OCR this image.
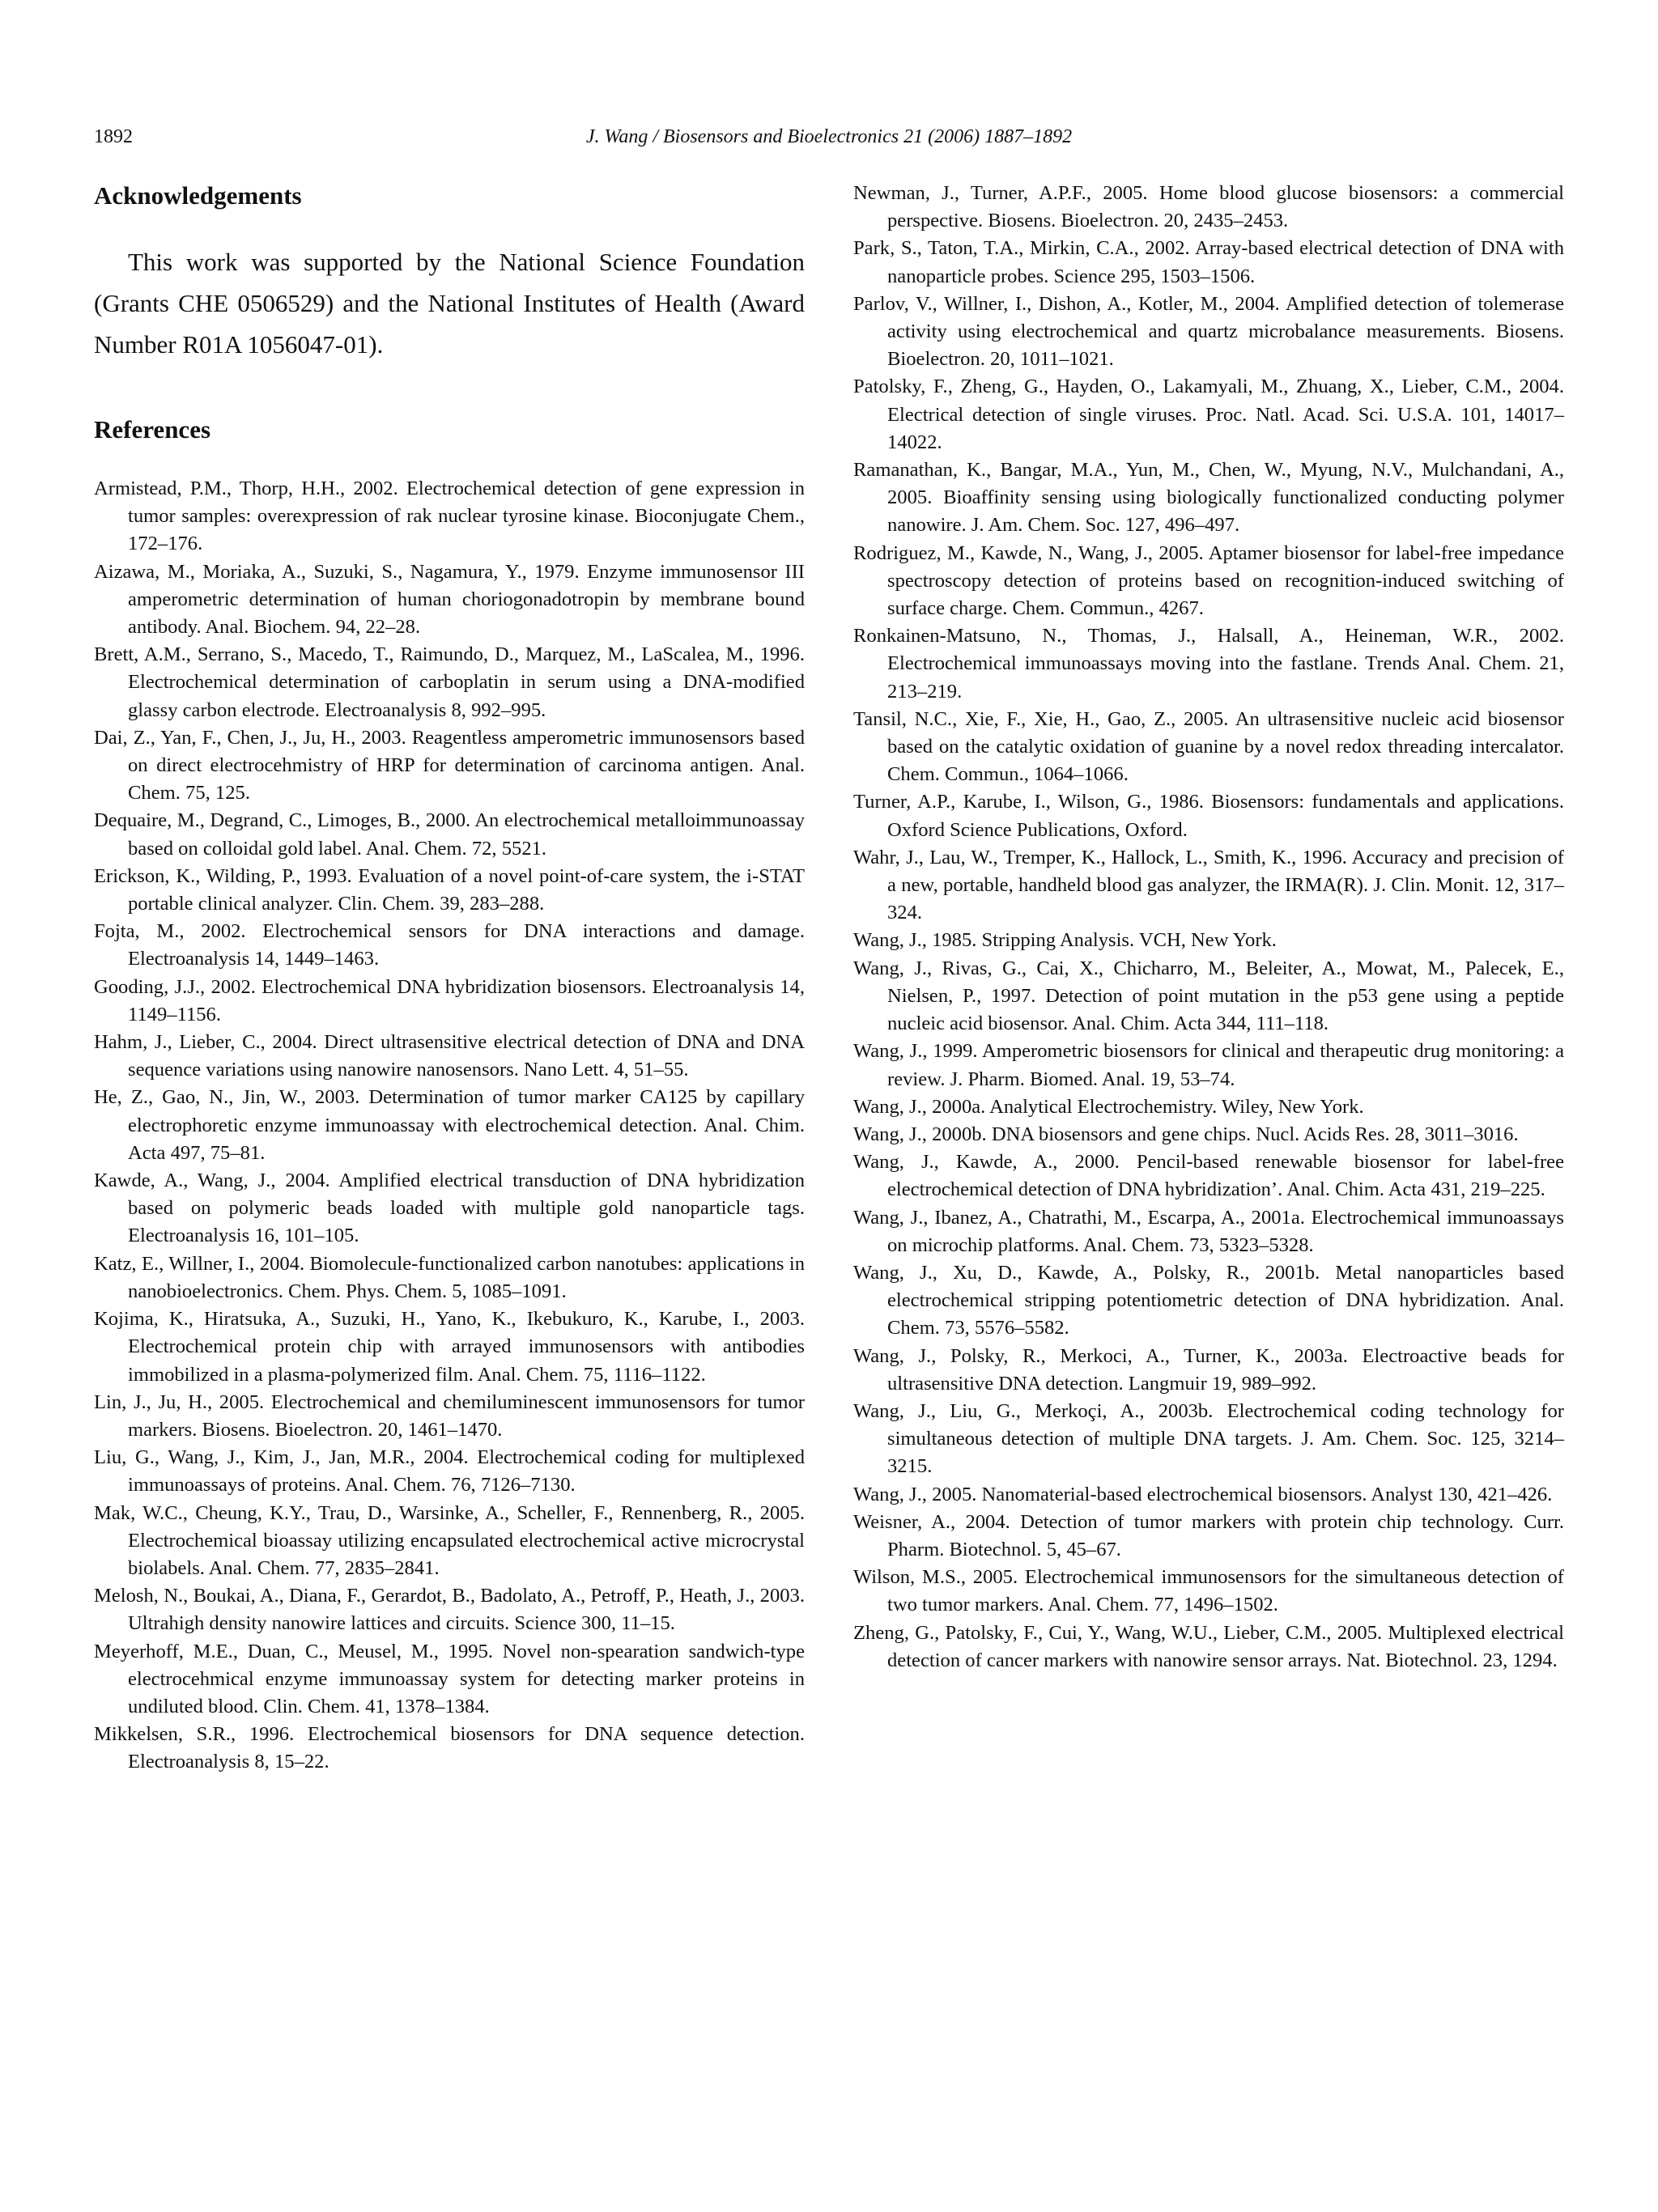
1892	J. Wang / Biosensors and Bioelectronics 21 (2006) 1887–1892
Acknowledgements

This work was supported by the National Science Foundation (Grants CHE 0506529) and the National Institutes of Health (Award Number R01A 1056047-01).

References
Armistead, P.M., Thorp, H.H., 2002. Electrochemical detection of gene expression in tumor samples: overexpression of rak nuclear tyrosine kinase. Bioconjugate Chem., 172–176.
Aizawa, M., Moriaka, A., Suzuki, S., Nagamura, Y., 1979. Enzyme immunosensor III amperometric determination of human choriogonadotropin by membrane bound antibody. Anal. Biochem. 94, 22–28.
Brett, A.M., Serrano, S., Macedo, T., Raimundo, D., Marquez, M., LaScalea, M., 1996. Electrochemical determination of carboplatin in serum using a DNA-modified glassy carbon electrode. Electroanalysis 8, 992–995.
Dai, Z., Yan, F., Chen, J., Ju, H., 2003. Reagentless amperometric immunosensors based on direct electrocehmistry of HRP for determination of carcinoma antigen. Anal. Chem. 75, 125.
Dequaire, M., Degrand, C., Limoges, B., 2000. An electrochemical metalloimmunoassay based on colloidal gold label. Anal. Chem. 72, 5521.
Erickson, K., Wilding, P., 1993. Evaluation of a novel point-of-care system, the i-STAT portable clinical analyzer. Clin. Chem. 39, 283–288.
Fojta, M., 2002. Electrochemical sensors for DNA interactions and damage. Electroanalysis 14, 1449–1463.
Gooding, J.J., 2002. Electrochemical DNA hybridization biosensors. Electroanalysis 14, 1149–1156.
Hahm, J., Lieber, C., 2004. Direct ultrasensitive electrical detection of DNA and DNA sequence variations using nanowire nanosensors. Nano Lett. 4, 51–55.
He, Z., Gao, N., Jin, W., 2003. Determination of tumor marker CA125 by capillary electrophoretic enzyme immunoassay with electrochemical detection. Anal. Chim. Acta 497, 75–81.
Kawde, A., Wang, J., 2004. Amplified electrical transduction of DNA hybridization based on polymeric beads loaded with multiple gold nanoparticle tags. Electroanalysis 16, 101–105.
Katz, E., Willner, I., 2004. Biomolecule-functionalized carbon nanotubes: applications in nanobioelectronics. Chem. Phys. Chem. 5, 1085–1091.
Kojima, K., Hiratsuka, A., Suzuki, H., Yano, K., Ikebukuro, K., Karube, I., 2003. Electrochemical protein chip with arrayed immunosensors with antibodies immobilized in a plasma-polymerized film. Anal. Chem. 75, 1116–1122.
Lin, J., Ju, H., 2005. Electrochemical and chemiluminescent immunosensors for tumor markers. Biosens. Bioelectron. 20, 1461–1470.
Liu, G., Wang, J., Kim, J., Jan, M.R., 2004. Electrochemical coding for multiplexed immunoassays of proteins. Anal. Chem. 76, 7126–7130.
Mak, W.C., Cheung, K.Y., Trau, D., Warsinke, A., Scheller, F., Rennenberg, R., 2005. Electrochemical bioassay utilizing encapsulated electrochemical active microcrystal biolabels. Anal. Chem. 77, 2835–2841.
Melosh, N., Boukai, A., Diana, F., Gerardot, B., Badolato, A., Petroff, P., Heath, J., 2003. Ultrahigh density nanowire lattices and circuits. Science 300, 11–15.
Meyerhoff, M.E., Duan, C., Meusel, M., 1995. Novel non-spearation sandwich-type electrocehmical enzyme immunoassay system for detecting marker proteins in undiluted blood. Clin. Chem. 41, 1378–1384.
Mikkelsen, S.R., 1996. Electrochemical biosensors for DNA sequence detection. Electroanalysis 8, 15–22.
Newman, J., Turner, A.P.F., 2005. Home blood glucose biosensors: a commercial perspective. Biosens. Bioelectron. 20, 2435–2453.
Park, S., Taton, T.A., Mirkin, C.A., 2002. Array-based electrical detection of DNA with nanoparticle probes. Science 295, 1503–1506.
Parlov, V., Willner, I., Dishon, A., Kotler, M., 2004. Amplified detection of tolemerase activity using electrochemical and quartz microbalance measurements. Biosens. Bioelectron. 20, 1011–1021.
Patolsky, F., Zheng, G., Hayden, O., Lakamyali, M., Zhuang, X., Lieber, C.M., 2004. Electrical detection of single viruses. Proc. Natl. Acad. Sci. U.S.A. 101, 14017–14022.
Ramanathan, K., Bangar, M.A., Yun, M., Chen, W., Myung, N.V., Mulchandani, A., 2005. Bioaffinity sensing using biologically functionalized conducting polymer nanowire. J. Am. Chem. Soc. 127, 496–497.
Rodriguez, M., Kawde, N., Wang, J., 2005. Aptamer biosensor for label-free impedance spectroscopy detection of proteins based on recognition-induced switching of surface charge. Chem. Commun., 4267.
Ronkainen-Matsuno, N., Thomas, J., Halsall, A., Heineman, W.R., 2002. Electrochemical immunoassays moving into the fastlane. Trends Anal. Chem. 21, 213–219.
Tansil, N.C., Xie, F., Xie, H., Gao, Z., 2005. An ultrasensitive nucleic acid biosensor based on the catalytic oxidation of guanine by a novel redox threading intercalator. Chem. Commun., 1064–1066.
Turner, A.P., Karube, I., Wilson, G., 1986. Biosensors: fundamentals and applications. Oxford Science Publications, Oxford.
Wahr, J., Lau, W., Tremper, K., Hallock, L., Smith, K., 1996. Accuracy and precision of a new, portable, handheld blood gas analyzer, the IRMA(R). J. Clin. Monit. 12, 317–324.
Wang, J., 1985. Stripping Analysis. VCH, New York.
Wang, J., Rivas, G., Cai, X., Chicharro, M., Beleiter, A., Mowat, M., Palecek, E., Nielsen, P., 1997. Detection of point mutation in the p53 gene using a peptide nucleic acid biosensor. Anal. Chim. Acta 344, 111–118.
Wang, J., 1999. Amperometric biosensors for clinical and therapeutic drug monitoring: a review. J. Pharm. Biomed. Anal. 19, 53–74.
Wang, J., 2000a. Analytical Electrochemistry. Wiley, New York.
Wang, J., 2000b. DNA biosensors and gene chips. Nucl. Acids Res. 28, 3011–3016.
Wang, J., Kawde, A., 2000. Pencil-based renewable biosensor for label-free electrochemical detection of DNA hybridization’. Anal. Chim. Acta 431, 219–225.
Wang, J., Ibanez, A., Chatrathi, M., Escarpa, A., 2001a. Electrochemical immunoassays on microchip platforms. Anal. Chem. 73, 5323–5328.
Wang, J., Xu, D., Kawde, A., Polsky, R., 2001b. Metal nanoparticles based electrochemical stripping potentiometric detection of DNA hybridization. Anal. Chem. 73, 5576–5582.
Wang, J., Polsky, R., Merkoci, A., Turner, K., 2003a. Electroactive beads for ultrasensitive DNA detection. Langmuir 19, 989–992.
Wang, J., Liu, G., Merkoçi, A., 2003b. Electrochemical coding technology for simultaneous detection of multiple DNA targets. J. Am. Chem. Soc. 125, 3214–3215.
Wang, J., 2005. Nanomaterial-based electrochemical biosensors. Analyst 130, 421–426.
Weisner, A., 2004. Detection of tumor markers with protein chip technology. Curr. Pharm. Biotechnol. 5, 45–67.
Wilson, M.S., 2005. Electrochemical immunosensors for the simultaneous detection of two tumor markers. Anal. Chem. 77, 1496–1502.
Zheng, G., Patolsky, F., Cui, Y., Wang, W.U., Lieber, C.M., 2005. Multiplexed electrical detection of cancer markers with nanowire sensor arrays. Nat. Biotechnol. 23, 1294.
